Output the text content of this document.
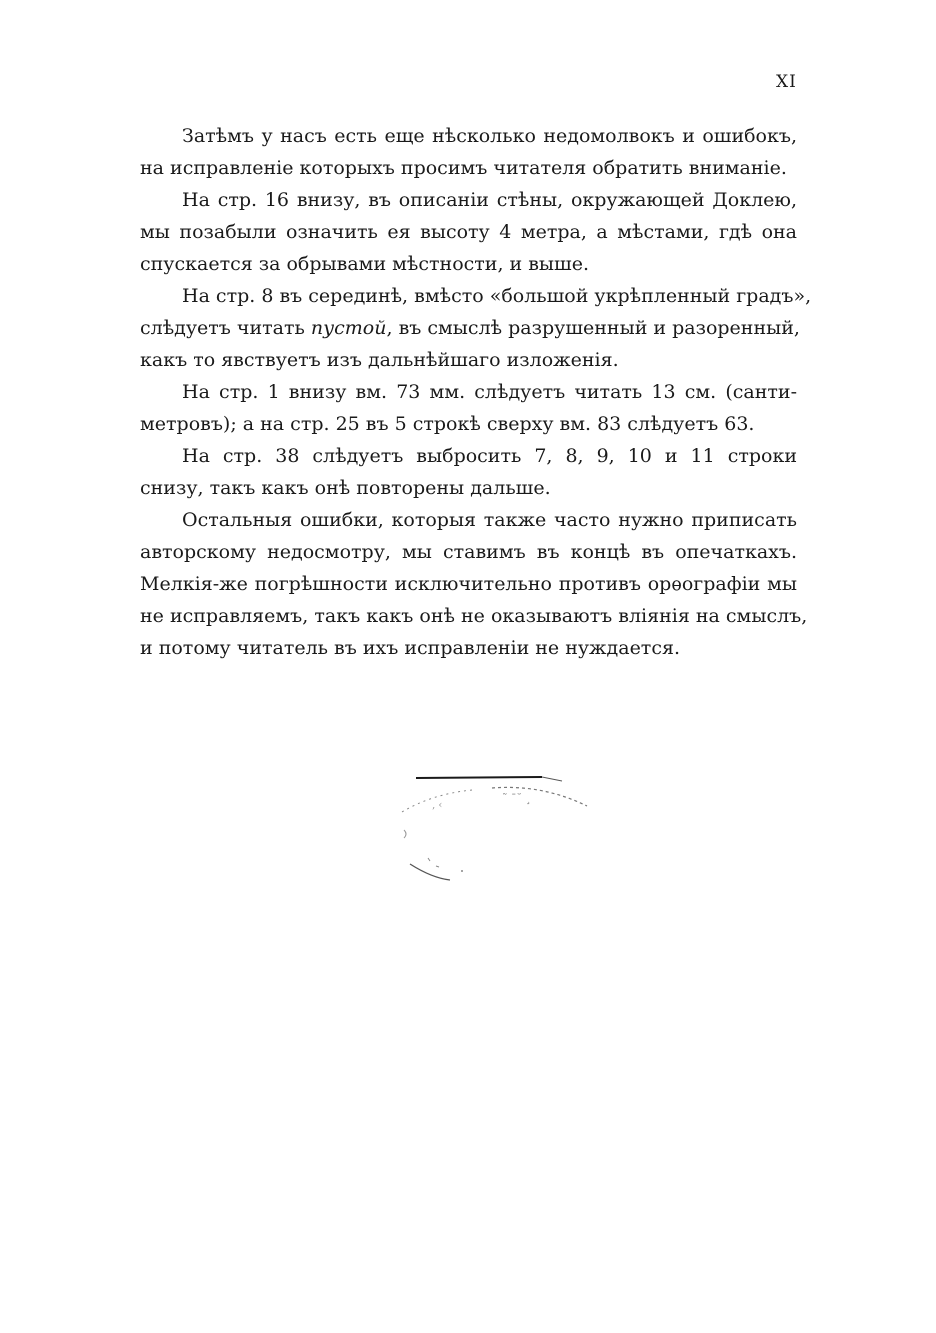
XI
Затѣмъ у насъ есть еще нѣсколько недомолвокъ и ошибокъ,
на исправленіе которыхъ просимъ читателя обратить вниманіе.
На стр. 16 внизу, въ описаніи стѣны, окружающей Доклею,
мы позабыли означить ея высоту 4 метра, а мѣстами, гдѣ она
спускается за обрывами мѣстности, и выше.
На стр. 8 въ серединѣ, вмѣсто «большой укрѣпленный градъ»,
слѣдуетъ читать пустой, въ смыслѣ разрушенный и разоренный,
какъ то явствуетъ изъ дальнѣйшаго изложенія.
На стр. 1 внизу вм. 73 мм. слѣдуетъ читать 13 см. (санти-
метровъ); а на стр. 25 въ 5 строкѣ сверху вм. 83 слѣдуетъ 63.
На стр. 38 слѣдуетъ выбросить 7, 8, 9, 10 и 11 строки
снизу, такъ какъ онѣ повторены дальше.
Остальныя ошибки, которыя также часто нужно приписать
авторскому недосмотру, мы ставимъ въ концѣ въ опечаткахъ.
Мелкія-же погрѣшности исключительно противъ орѳографіи мы
не исправляемъ, такъ какъ онѣ не оказываютъ вліянія на смыслъ,
и потому читатель въ ихъ исправленіи не нуждается.
‚ ‹
˜ ˉ˘ ¸
